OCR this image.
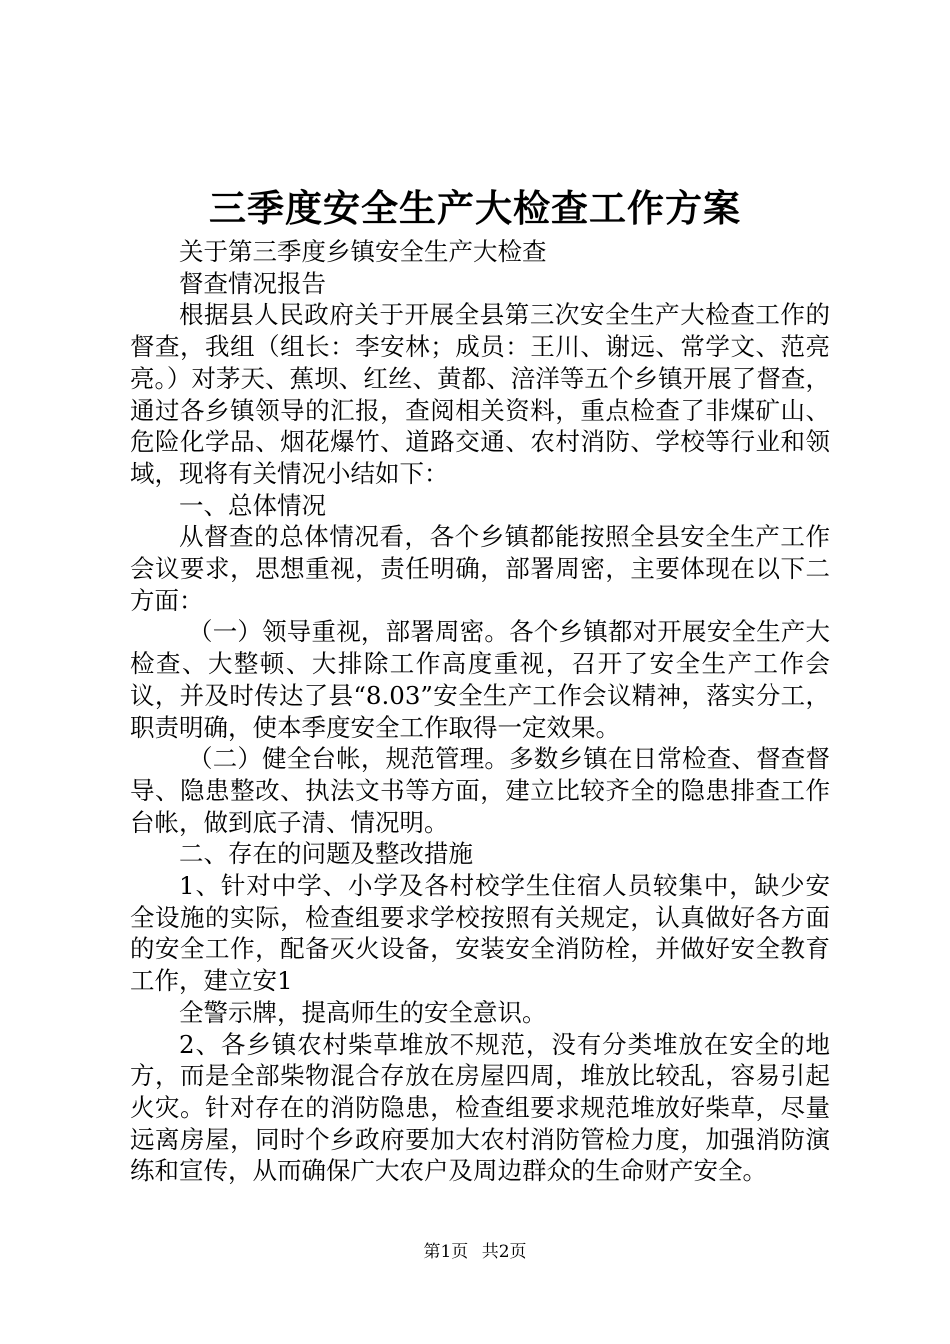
三季度安全生产大检查工作方案

关于第三季度乡镇安全生产大检查

督查情况报告

根据县人民政府关于开展全县第三次安全生产大检查工作的督查，我组（组长：李安林；成员：王川、谢远、常学文、范亮亮。）对茅天、蕉坝、红丝、黄都、涪洋等五个乡镇开展了督查，通过各乡镇领导的汇报，查阅相关资料，重点检查了非煤矿山、危险化学品、烟花爆竹、道路交通、农村消防、学校等行业和领域，现将有关情况小结如下：

一、总体情况

从督查的总体情况看，各个乡镇都能按照全县安全生产工作会议要求，思想重视，责任明确，部署周密，主要体现在以下二方面：

（一）领导重视，部署周密。各个乡镇都对开展安全生产大检查、大整顿、大排除工作高度重视，召开了安全生产工作会议，并及时传达了县“8.03”安全生产工作会议精神，落实分工，职责明确，使本季度安全工作取得一定效果。

（二）健全台帐，规范管理。多数乡镇在日常检查、督查督导、隐患整改、执法文书等方面，建立比较齐全的隐患排查工作台帐，做到底子清、情况明。

二、存在的问题及整改措施

1、针对中学、小学及各村校学生住宿人员较集中，缺少安全设施的实际，检查组要求学校按照有关规定，认真做好各方面的安全工作，配备灭火设备，安装安全消防栓，并做好安全教育工作，建立安1

全警示牌，提高师生的安全意识。

2、各乡镇农村柴草堆放不规范，没有分类堆放在安全的地方，而是全部柴物混合存放在房屋四周，堆放比较乱，容易引起火灾。针对存在的消防隐患，检查组要求规范堆放好柴草，尽量远离房屋，同时个乡政府要加大农村消防管检力度，加强消防演练和宣传，从而确保广大农户及周边群众的生命财产安全。

第1页 共2页
